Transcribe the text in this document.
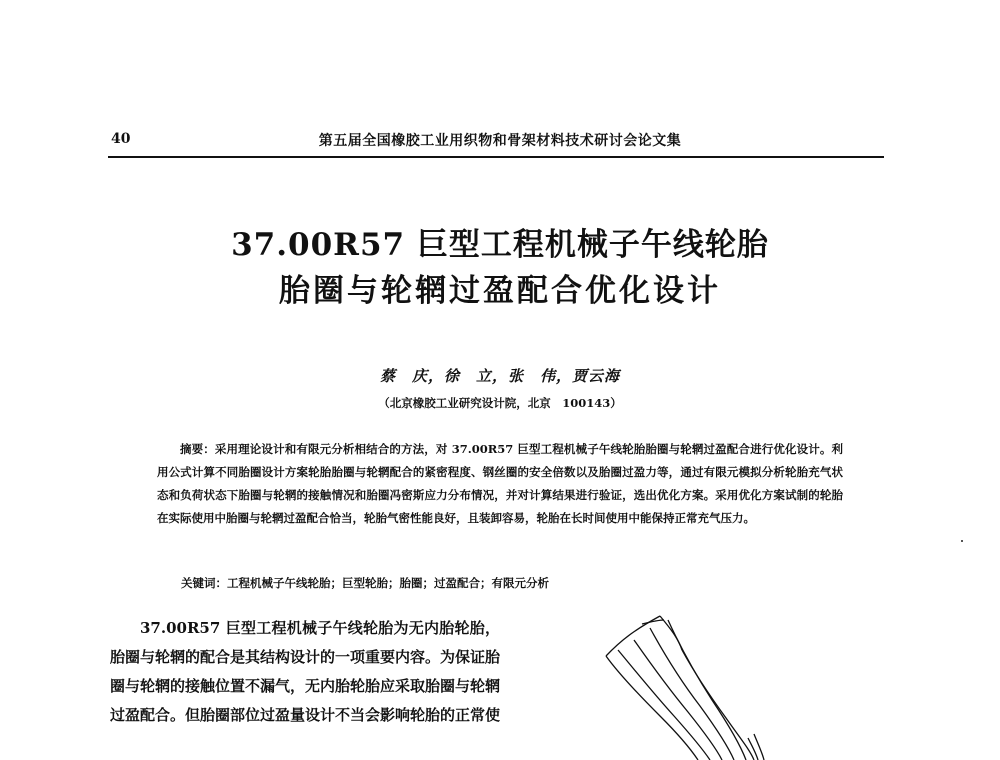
40	第五届全国橡胶工业用织物和骨架材料技术研讨会论文集
37.00R57 巨型工程机械子午线轮胎
胎圈与轮辋过盈配合优化设计
蔡　庆，徐　立，张　伟，贾云海
（北京橡胶工业研究设计院，北京　100143）

摘要：采用理论设计和有限元分析相结合的方法，对 37.00R57 巨型工程机械子午线轮胎胎圈与轮辋过盈配合进行优化设计。利用公式计算不同胎圈设计方案轮胎胎圈与轮辋配合的紧密程度、钢丝圈的安全倍数以及胎圈过盈力等，通过有限元模拟分析轮胎充气状态和负荷状态下胎圈与轮辋的接触情况和胎圈冯密斯应力分布情况，并对计算结果进行验证，选出优化方案。采用优化方案试制的轮胎在实际使用中胎圈与轮辋过盈配合恰当，轮胎气密性能良好，且装卸容易，轮胎在长时间使用中能保持正常充气压力。

关键词：工程机械子午线轮胎；巨型轮胎；胎圈；过盈配合；有限元分析

37.00R57 巨型工程机械子午线轮胎为无内胎轮胎，胎圈与轮辋的配合是其结构设计的一项重要内容。为保证胎圈与轮辋的接触位置不漏气，无内胎轮胎应采取胎圈与轮辋过盈配合。但胎圈部位过盈量设计不当会影响轮胎的正常使
